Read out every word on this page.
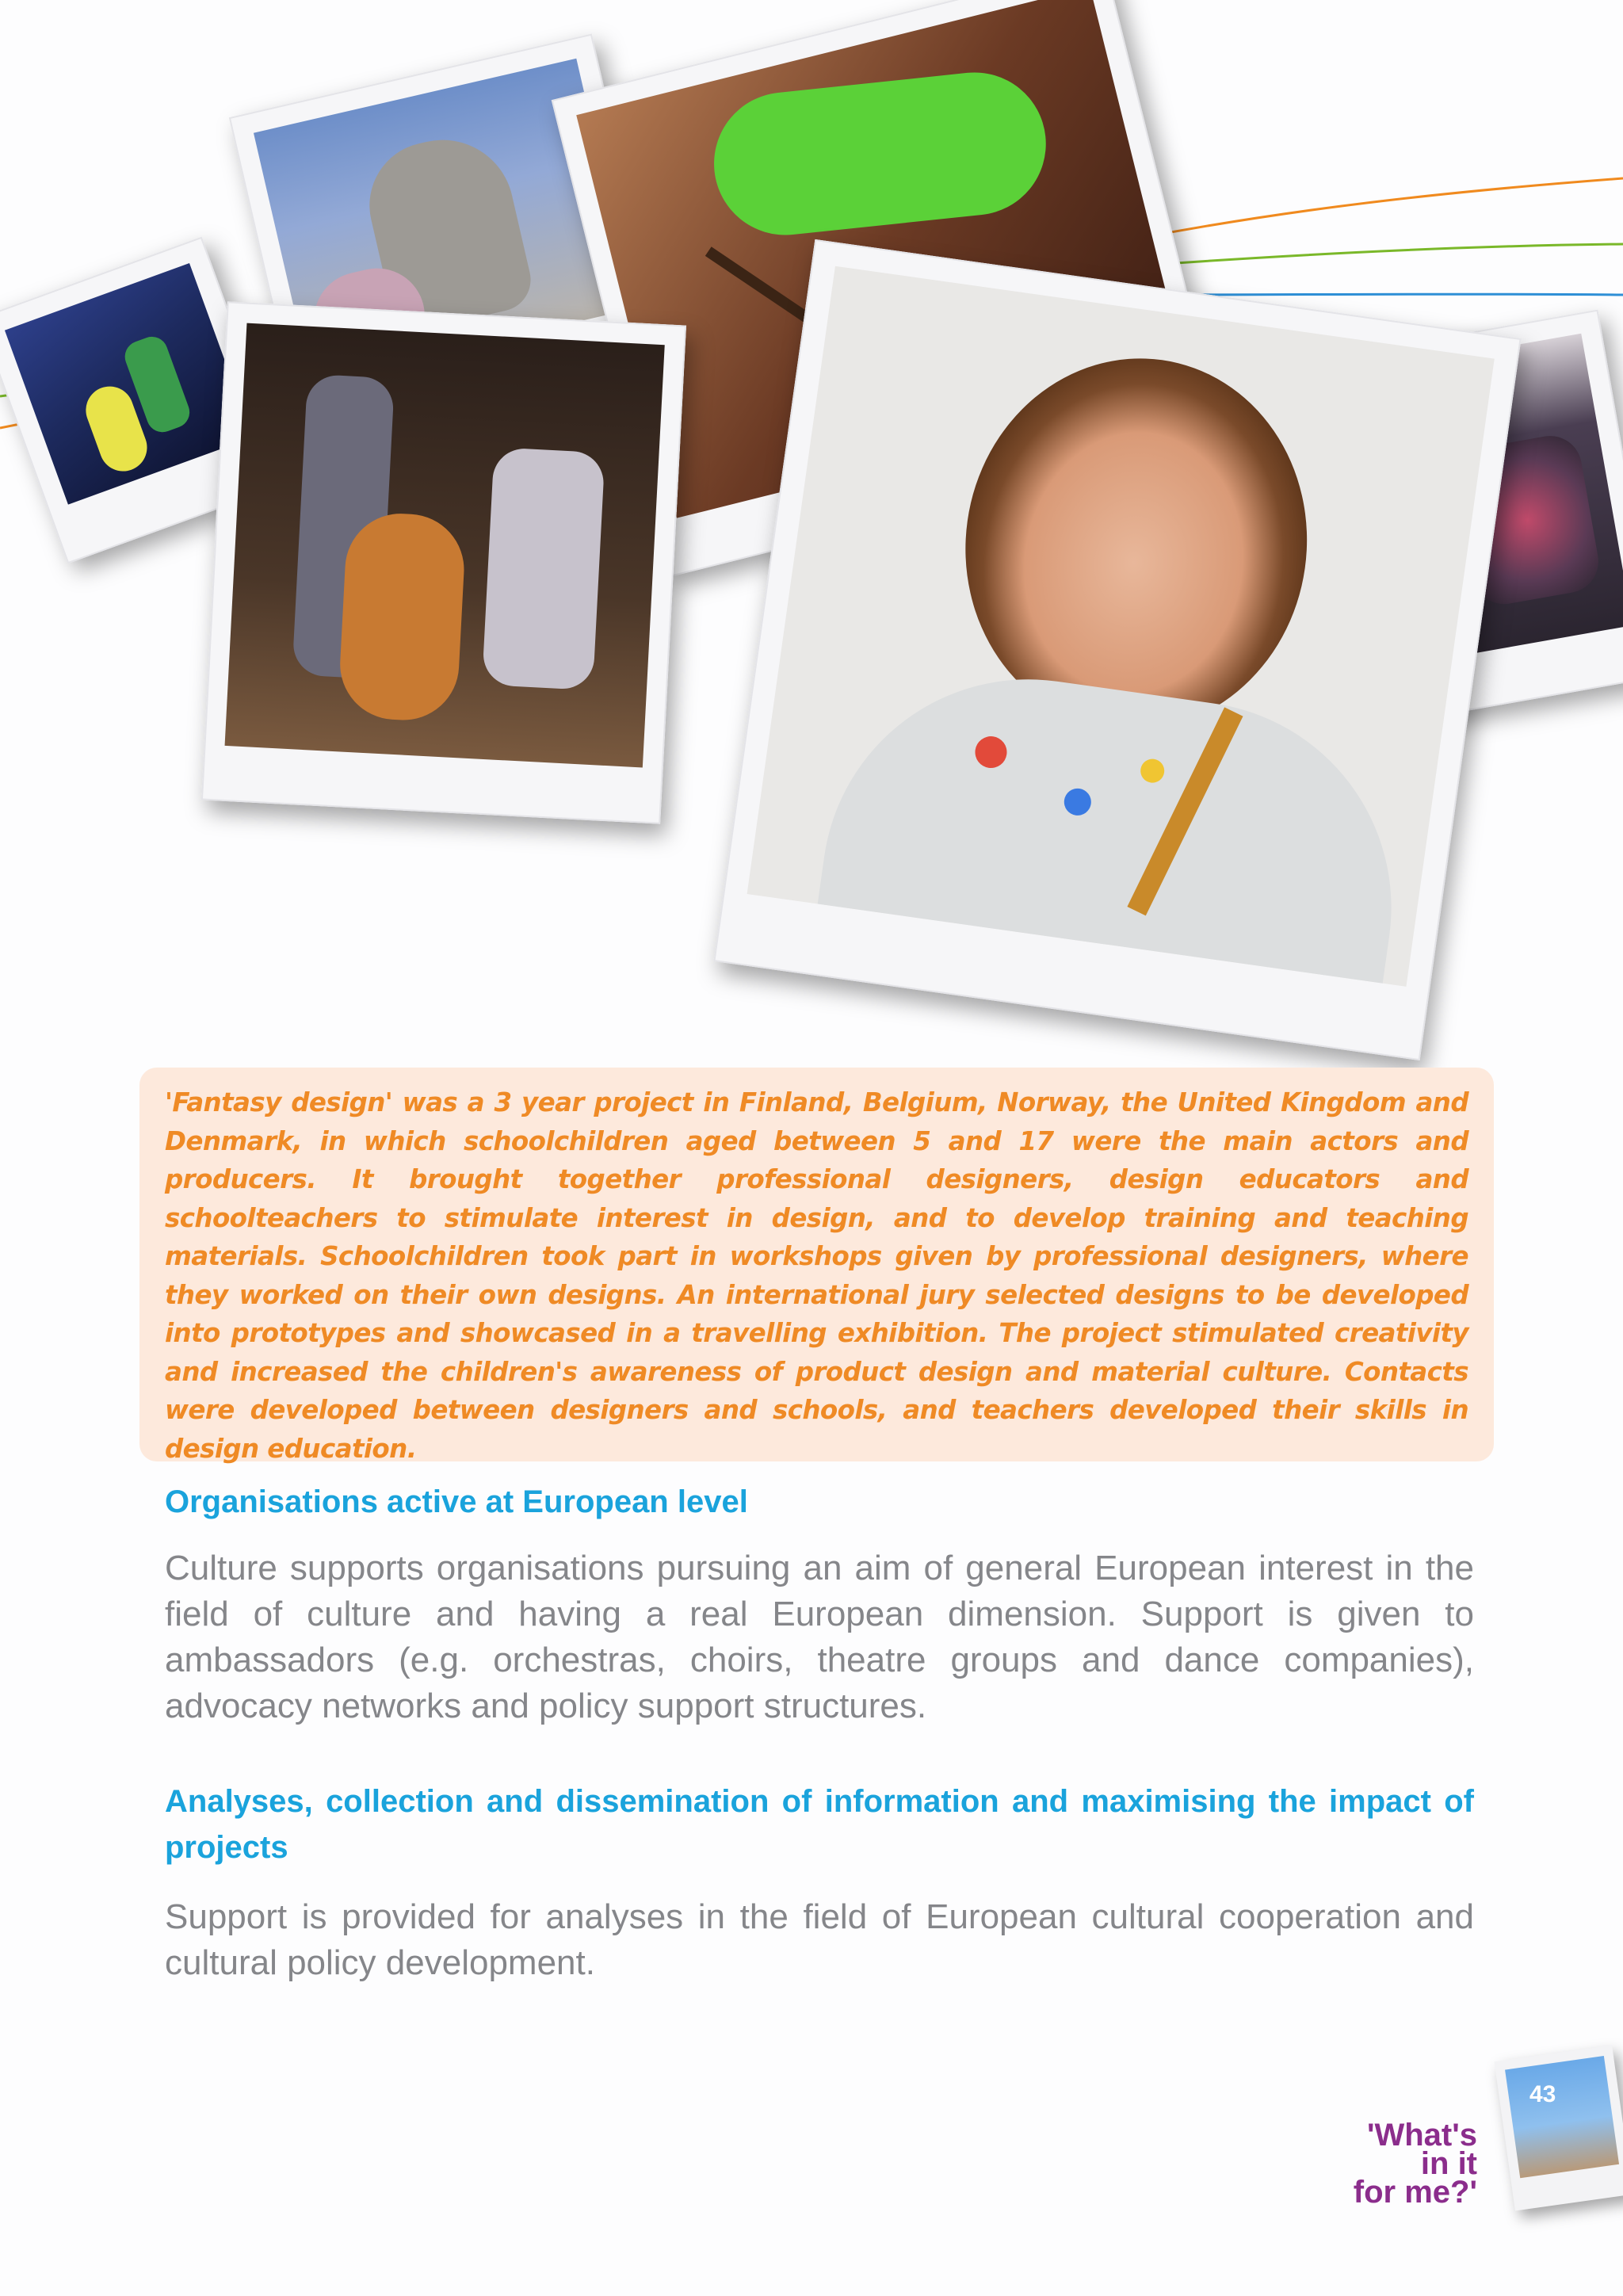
'Fantasy design' was a 3 year project in Finland, Belgium, Norway, the United Kingdom and Denmark, in which schoolchildren aged between 5 and 17 were the main actors and producers. It brought together professional designers, design educators and schoolteachers to stimulate interest in design, and to develop training and teaching materials. Schoolchildren took part in workshops given by professional designers, where they worked on their own designs. An international jury selected designs to be developed into prototypes and showcased in a travelling exhibition. The project stimulated creativity and increased the children's awareness of product design and material culture. Contacts were developed between designers and schools, and teachers developed their skills in design education.

Organisations active at European level

Culture supports organisations pursuing an aim of general European interest in the field of culture and having a real European dimension. Support is given to ambassadors (e.g. orchestras, choirs, theatre groups and dance companies), advocacy networks and policy support structures.

Analyses, collection and dissemination of information and maximising the impact of projects

Support is provided for analyses in the field of European cultural cooperation and cultural policy development.

43
'What's
in it
for me?'
